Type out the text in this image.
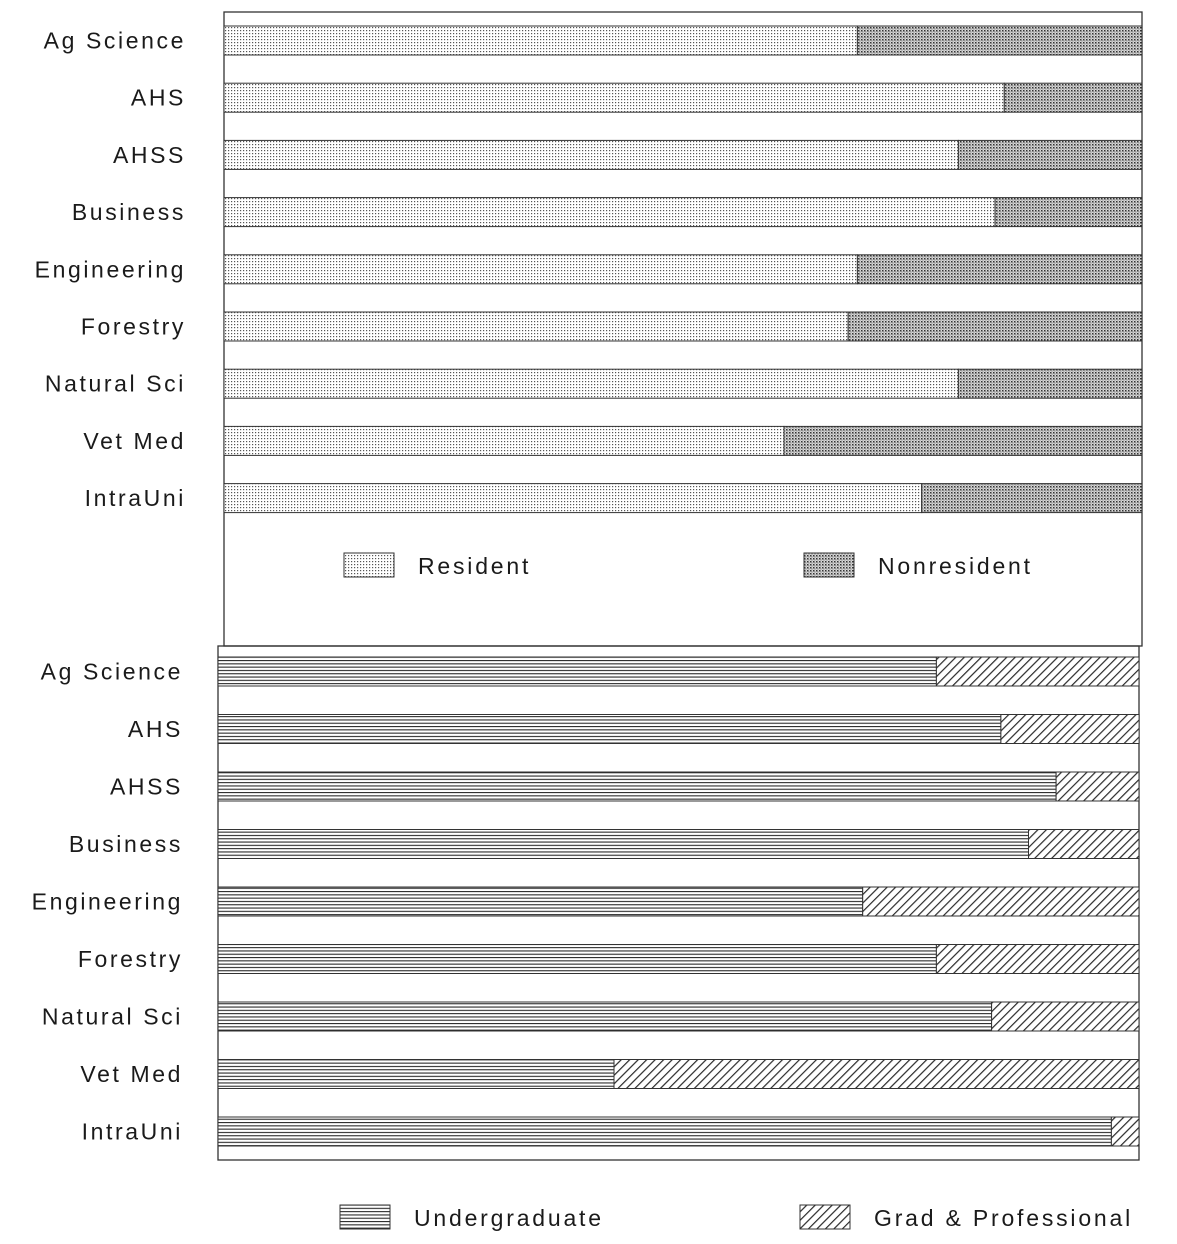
Ag Science
AHS
AHSS
Business
Engineering
Forestry
Natural Sci
Vet Med
IntraUni
Ag Science
AHS
AHSS
Business
Engineering
Forestry
Natural Sci
Vet Med
IntraUni
Resident	Nonresident
Undergraduate	Grad & Professional
